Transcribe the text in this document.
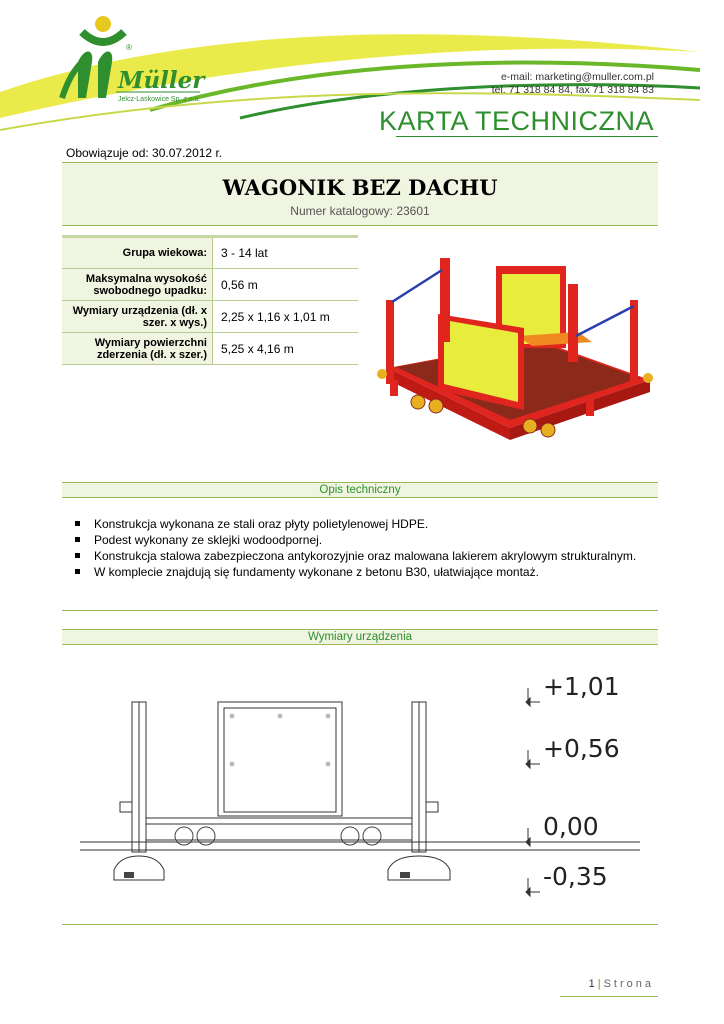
®
Müller
Jelcz-Laskowice Sp. z o.o.
e-mail: marketing@muller.com.pl
tel. 71 318 84 84, fax 71 318 84 83
KARTA TECHNICZNA
Obowiązuje od: 30.07.2012 r.
WAGONIK BEZ DACHU
Numer katalogowy: 23601
Grupa wiekowa:	3 - 14 lat
Maksymalna wysokość swobodnego upadku:	0,56 m
Wymiary urządzenia (dł. x szer. x wys.)	2,25 x 1,16 x 1,01 m
Wymiary powierzchni zderzenia (dł. x szer.)	5,25 x 4,16 m
Opis techniczny
Konstrukcja wykonana ze stali oraz płyty polietylenowej HDPE.
Podest wykonany ze sklejki wodoodpornej.
Konstrukcja stalowa zabezpieczona antykorozyjnie oraz malowana lakierem akrylowym strukturalnym.
W komplecie znajdują się fundamenty wykonane z betonu B30, ułatwiające montaż.
Wymiary urządzenia
+1,01
+0,56
0,00
-0,35
1 | Strona
